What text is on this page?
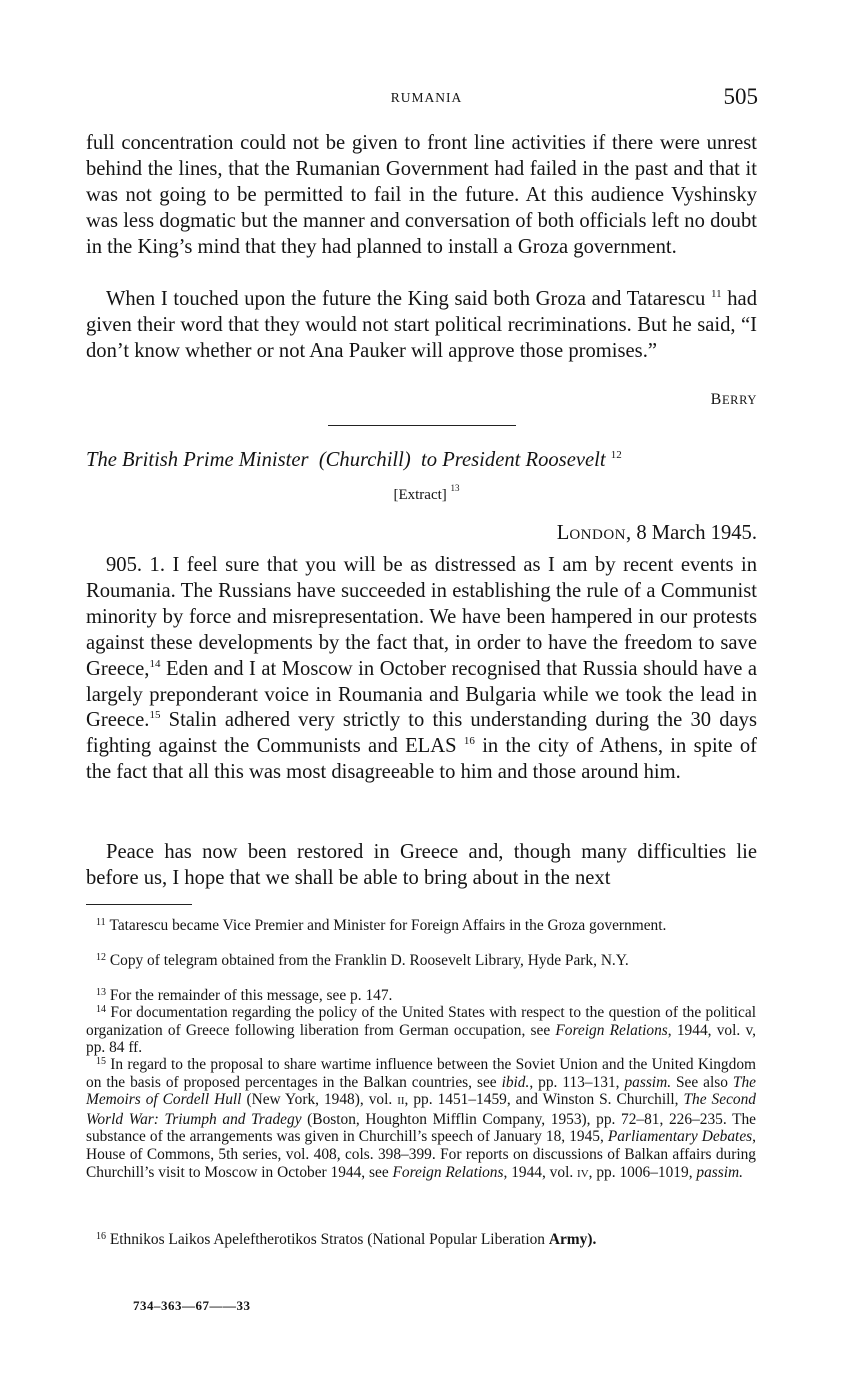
RUMANIA	505

full concentration could not be given to front line activities if there were unrest behind the lines, that the Rumanian Government had failed in the past and that it was not going to be permitted to fail in the future. At this audience Vyshinsky was less dogmatic but the manner and conversation of both officials left no doubt in the King’s mind that they had planned to install a Groza government.

When I touched upon the future the King said both Groza and Tatarescu $^{11}$ had given their word that they would not start political recriminations. But he said, “I don’t know whether or not Ana Pauker will approve those promises.”

BERRY
The British Prime Minister (Churchill) to President Roosevelt $^{12}$
[Extract] $^{13}$
LONDON, 8 March 1945.

905. 1. I feel sure that you will be as distressed as I am by recent events in Roumania. The Russians have succeeded in establishing the rule of a Communist minority by force and misrepresentation. We have been hampered in our protests against these developments by the fact that, in order to have the freedom to save Greece,$^{14}$ Eden and I at Moscow in October recognised that Russia should have a largely preponderant voice in Roumania and Bulgaria while we took the lead in Greece.$^{15}$ Stalin adhered very strictly to this understanding during the 30 days fighting against the Communists and ELAS $^{16}$ in the city of Athens, in spite of the fact that all this was most disagreeable to him and those around him.

Peace has now been restored in Greece and, though many difficulties lie before us, I hope that we shall be able to bring about in the next

$^{11}$ Tatarescu became Vice Premier and Minister for Foreign Affairs in the Groza government.

$^{12}$ Copy of telegram obtained from the Franklin D. Roosevelt Library, Hyde Park, N.Y.

$^{13}$ For the remainder of this message, see p. 147.

$^{14}$ For documentation regarding the policy of the United States with respect to the question of the political organization of Greece following liberation from German occupation, see Foreign Relations, 1944, vol. v, pp. 84 ff.

$^{15}$ In regard to the proposal to share wartime influence between the Soviet Union and the United Kingdom on the basis of proposed percentages in the Balkan countries, see ibid., pp. 113–131, passim. See also The Memoirs of Cordell Hull (New York, 1948), vol. II, pp. 1451–1459, and Winston S. Churchill, The Second World War: Triumph and Tradegy (Boston, Houghton Mifflin Company, 1953), pp. 72–81, 226–235. The substance of the arrangements was given in Churchill’s speech of January 18, 1945, Parliamentary Debates, House of Commons, 5th series, vol. 408, cols. 398–399. For reports on discussions of Balkan affairs during Churchill’s visit to Moscow in October 1944, see Foreign Relations, 1944, vol. IV, pp. 1006–1019, passim.

$^{16}$ Ethnikos Laikos Apeleftherotikos Stratos (National Popular Liberation Army).

734–363—67——33
